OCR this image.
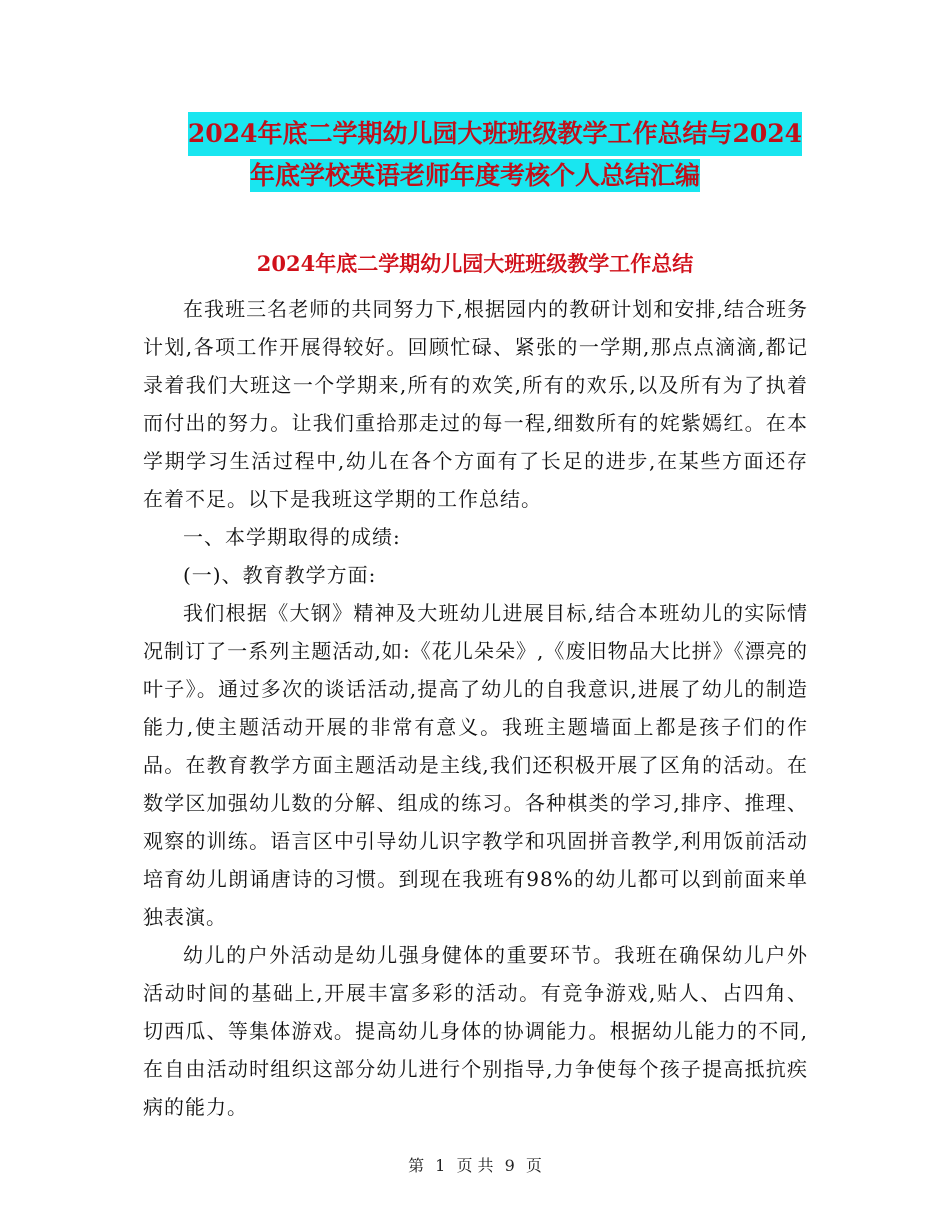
2024年底二学期幼儿园大班班级教学工作总结与2024
年底学校英语老师年度考核个人总结汇编
2024年底二学期幼儿园大班班级教学工作总结

在我班三名老师的共同努力下,根据园内的教研计划和安排,结合班务计划,各项工作开展得较好。回顾忙碌、紧张的一学期,那点点滴滴,都记录着我们大班这一个学期来,所有的欢笑,所有的欢乐,以及所有为了执着而付出的努力。让我们重拾那走过的每一程,细数所有的姹紫嫣红。在本学期学习生活过程中,幼儿在各个方面有了长足的进步,在某些方面还存在着不足。以下是我班这学期的工作总结。

一、本学期取得的成绩:

(一)、教育教学方面:

我们根据《大钢》精神及大班幼儿进展目标,结合本班幼儿的实际情况制订了一系列主题活动,如:《花儿朵朵》,《废旧物品大比拼》《漂亮的叶子》。通过多次的谈话活动,提高了幼儿的自我意识,进展了幼儿的制造能力,使主题活动开展的非常有意义。我班主题墙面上都是孩子们的作品。在教育教学方面主题活动是主线,我们还积极开展了区角的活动。在数学区加强幼儿数的分解、组成的练习。各种棋类的学习,排序、推理、观察的训练。语言区中引导幼儿识字教学和巩固拼音教学,利用饭前活动培育幼儿朗诵唐诗的习惯。到现在我班有98%的幼儿都可以到前面来单独表演。

幼儿的户外活动是幼儿强身健体的重要环节。我班在确保幼儿户外活动时间的基础上,开展丰富多彩的活动。有竞争游戏,贴人、占四角、切西瓜、等集体游戏。提高幼儿身体的协调能力。根据幼儿能力的不同,在自由活动时组织这部分幼儿进行个别指导,力争使每个孩子提高抵抗疾病的能力。

第 1 页 共 9 页
